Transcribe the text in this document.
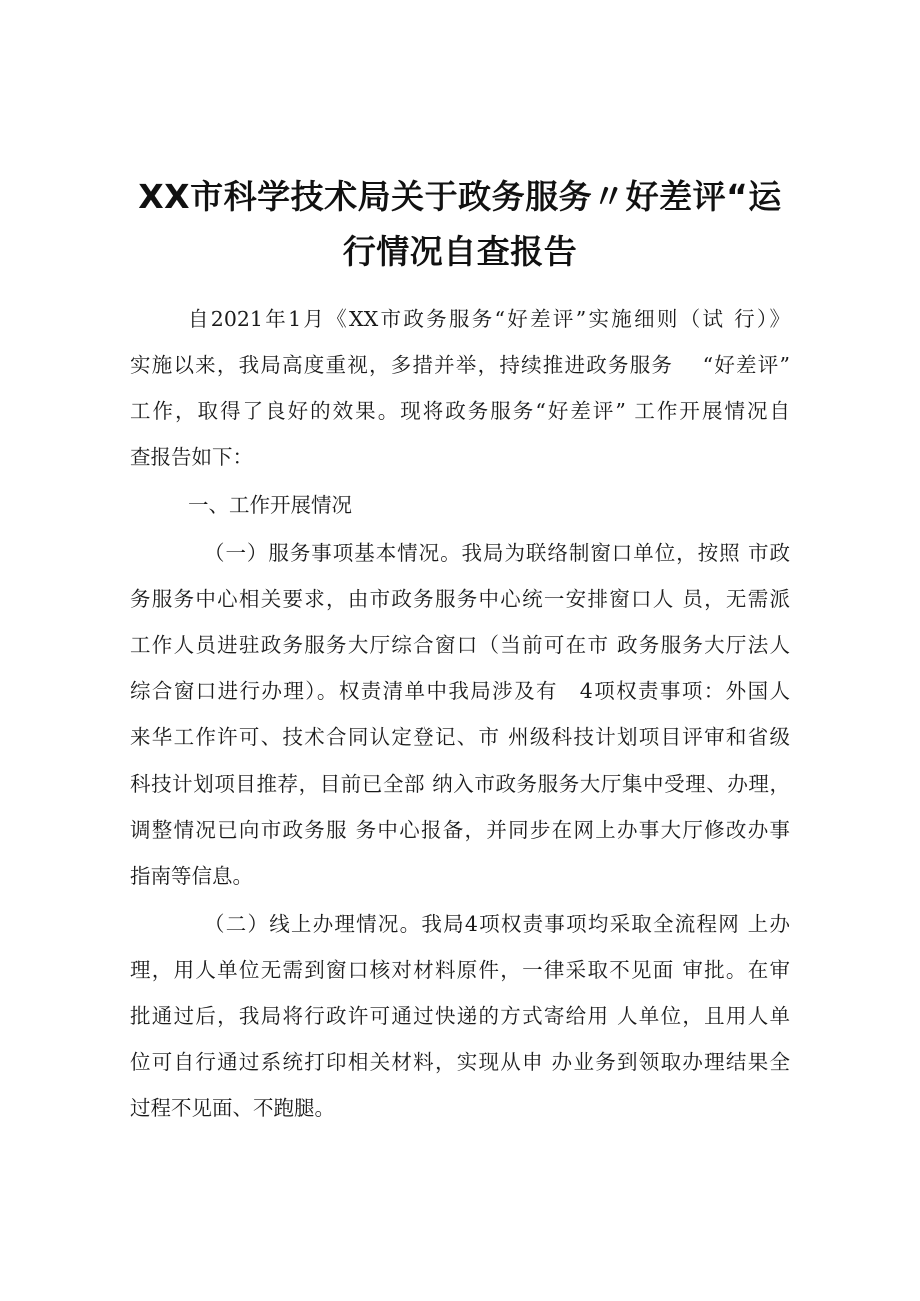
XX市科学技术局关于政务服务〃好差评“运
行情况自查报告
自2021年1月《XX市政务服务“好差评”实施细则（试 行）》
实施以来，我局高度重视，多措并举，持续推进政务服务　 “好差评”
工作，取得了良好的效果。现将政务服务“好差评” 工作开展情况自
查报告如下：
一、工作开展情况
（一）服务事项基本情况。我局为联络制窗口单位，按照 市政
务服务中心相关要求，由市政务服务中心统一安排窗口人 员，无需派
工作人员进驻政务服务大厅综合窗口（当前可在市 政务服务大厅法人
综合窗口进行办理）。权责清单中我局涉及有　4项权责事项：外国人
来华工作许可、技术合同认定登记、市 州级科技计划项目评审和省级
科技计划项目推荐，目前已全部 纳入市政务服务大厅集中受理、办理，
调整情况已向市政务服 务中心报备，并同步在网上办事大厅修改办事
指南等信息。
（二）线上办理情况。我局4项权责事项均采取全流程网 上办
理，用人单位无需到窗口核对材料原件，一律采取不见面 审批。在审
批通过后，我局将行政许可通过快递的方式寄给用 人单位，且用人单
位可自行通过系统打印相关材料，实现从申 办业务到领取办理结果全
过程不见面、不跑腿。
